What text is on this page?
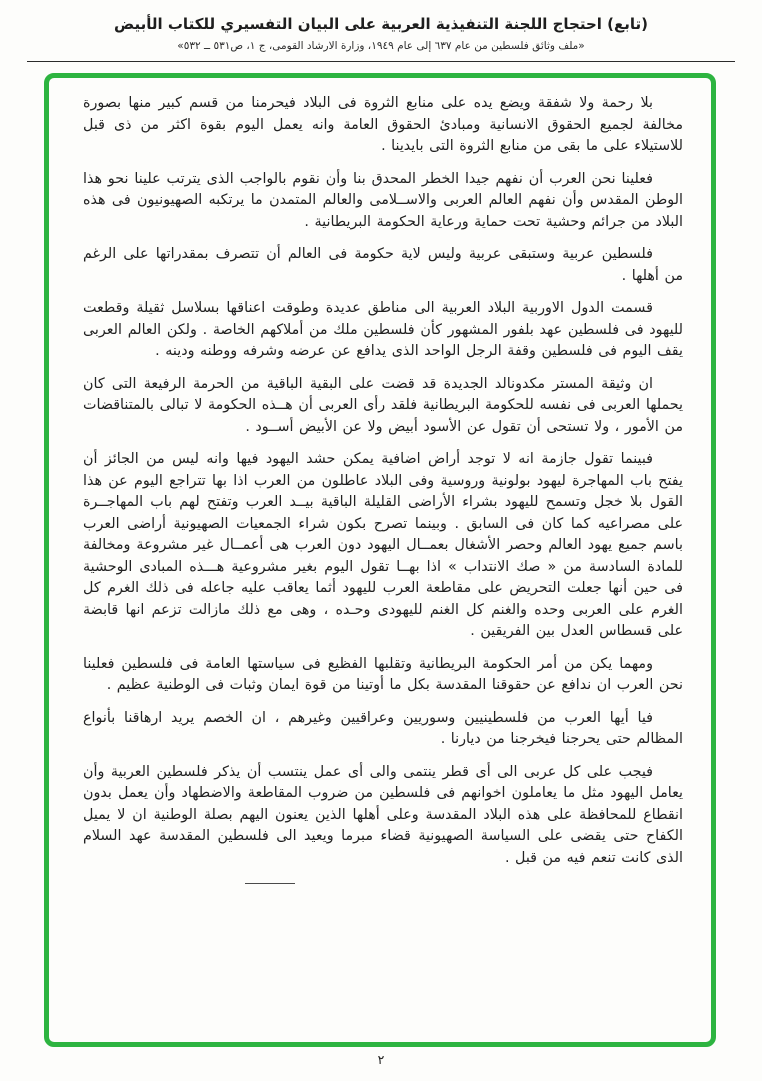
(تابع) احتجاج اللجنة التنفيذية العربية على البيان التفسيري للكتاب الأبيض
«ملف وثائق فلسطين من عام ٦٣٧ إلى عام ١٩٤٩، وزارة الارشاد القومى، ج ١، ص٥٣١ ــ ٥٣٢»

بلا رحمة ولا شفقة ويضع يده على منابع الثروة فى البلاد فيحرمنا من قسم كبير منها بصورة مخالفة لجميع الحقوق الانسانية ومبادئ الحقوق العامة وانه يعمل اليوم بقوة اكثر من ذى قبل للاستيلاء على ما بقى من منابع الثروة التى بايدينا .

فعلينا نحن العرب أن نفهم جيدا الخطر المحدق بنا وأن نقوم بالواجب الذى يترتب علينا نحو هذا الوطن المقدس وأن نفهم العالم العربى والاســلامى والعالم المتمدن ما يرتكبه الصهيونيون فى هذه البلاد من جرائم وحشية تحت حماية ورعاية الحكومة البريطانية .

فلسطين عربية وستبقى عربية وليس لاية حكومة فى العالم أن تتصرف بمقدراتها على الرغم من أهلها .

قسمت الدول الاوربية البلاد العربية الى مناطق عديدة وطوقت اعناقها بسلاسل ثقيلة وقطعت لليهود فى فلسطين عهد بلفور المشهور كأن فلسطين ملك من أملاكهم الخاصة . ولكن العالم العربى يقف اليوم فى فلسطين وقفة الرجل الواحد الذى يدافع عن عرضه وشرفه ووطنه ودينه .

ان وثيقة المستر مكدونالد الجديدة قد قضت على البقية الباقية من الحرمة الرفيعة التى كان يحملها العربى فى نفسه للحكومة البريطانية فلقد رأى العربى أن هــذه الحكومة لا تبالى بالمتناقضات من الأمور ، ولا تستحى أن تقول عن الأسود أبيض ولا عن الأبيض أســود .

فبينما تقول جازمة انه لا توجد أراض اضافية يمكن حشد اليهود فيها وانه ليس من الجائز أن يفتح باب المهاجرة ليهود بولونية وروسية وفى البلاد عاطلون من العرب اذا بها تتراجع اليوم عن هذا القول بلا خجل وتسمح لليهود بشراء الأراضى القليلة الباقية بيــد العرب وتفتح لهم باب المهاجــرة على مصراعيه كما كان فى السابق . وبينما تصرح بكون شراء الجمعيات الصهيونية أراضى العرب باسم جميع يهود العالم وحصر الأشغال بعمــال اليهود دون العرب هى أعمــال غير مشروعة ومخالفة للمادة السادسة من « صك الانتداب » اذا بهــا تقول اليوم بغير مشروعية هـــذه المبادى الوحشية فى حين أنها جعلت التحريض على مقاطعة العرب لليهود أثما يعاقب عليه جاعله فى ذلك الغرم كل الغرم على العربى وحده والغنم كل الغنم لليهودى وحـده ، وهى مع ذلك مازالت تزعم انها قابضة على قسطاس العدل بين الفريقين .

ومهما يكن من أمر الحكومة البريطانية وتقلبها الفظيع فى سياستها العامة فى فلسطين فعلينا نحن العرب ان ندافع عن حقوقنا المقدسة بكل ما أوتينا من قوة ايمان وثبات فى الوطنية عظيم .

فيا أيها العرب من فلسطينيين وسوريين وعراقيين وغيرهم ، ان الخصم يريد ارهاقنا بأنواع المظالم حتى يحرجنا فيخرجنا من ديارنا .

فيجب على كل عربى الى أى قطر ينتمى والى أى عمل ينتسب أن يذكر فلسطين العربية وأن يعامل اليهود مثل ما يعاملون اخوانهم فى فلسطين من ضروب المقاطعة والاضطهاد وأن يعمل بدون انقطاع للمحافظة على هذه البلاد المقدسة وعلى أهلها الذين يعنون اليهم بصلة الوطنية ان لا يميل الكفاح حتى يقضى على السياسة الصهيونية قضاء مبرما ويعيد الى فلسطين المقدسة عهد السلام الذى كانت تنعم فيه من قبل .

٢
